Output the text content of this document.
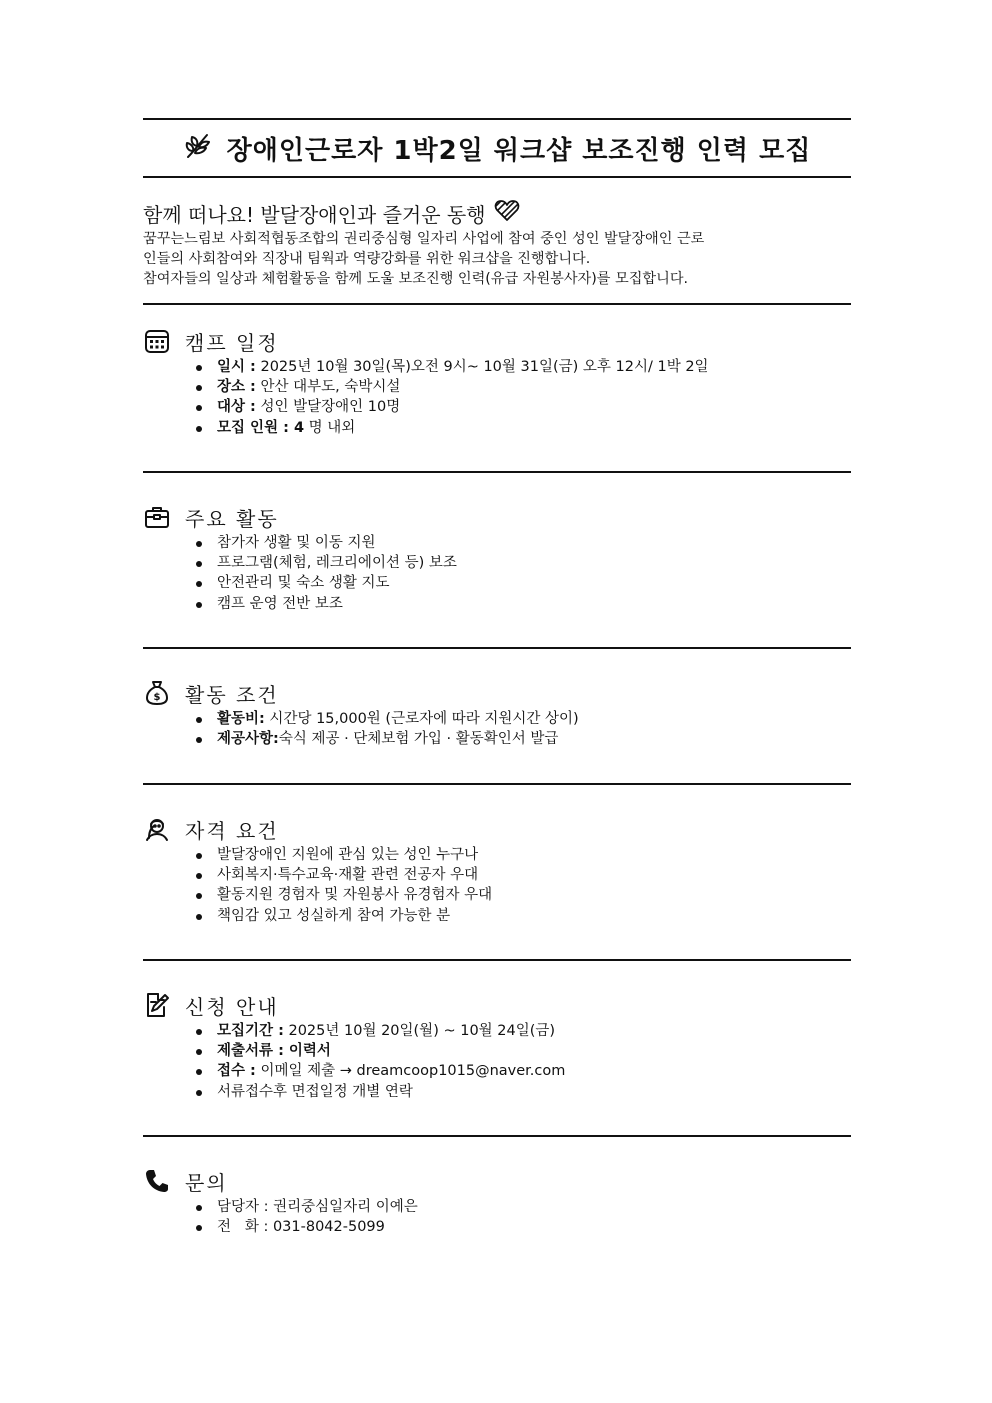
장애인근로자 1박2일 워크샵 보조진행 인력 모집
함께 떠나요! 발달장애인과 즐거운 동행
꿈꾸는느림보 사회적협동조합의 권리중심형 일자리 사업에 참여 중인 성인 발달장애인 근로
인들의 사회참여와 직장내 팀웍과 역량강화를 위한 워크샵을 진행합니다.
참여자들의 일상과 체험활동을 함께 도울 보조진행 인력(유급 자원봉사자)를 모집합니다.
캠프 일정
일시 : 2025년 10월 30일(목)오전 9시~ 10월 31일(금) 오후 12시/ 1박 2일
장소 : 안산 대부도, 숙박시설
대상 : 성인 발달장애인 10명
모집 인원 : 4 명 내외
주요 활동
참가자 생활 및 이동 지원
프로그램(체험, 레크리에이션 등) 보조
안전관리 및 숙소 생활 지도
캠프 운영 전반 보조
$ 활동 조건
활동비: 시간당 15,000원 (근로자에 따라 지원시간 상이)
제공사항:숙식 제공 · 단체보험 가입 · 활동확인서 발급
자격 요건
발달장애인 지원에 관심 있는 성인 누구나
사회복지·특수교육·재활 관련 전공자 우대
활동지원 경험자 및 자원봉사 유경험자 우대
책임감 있고 성실하게 참여 가능한 분
신청 안내
모집기간 : 2025년 10월 20일(월) ~ 10월 24일(금)
제출서류 : 이력서
접수 : 이메일 제출 → dreamcoop1015@naver.com
서류접수후 면접일정 개별 연락
문의
담당자 : 권리중심일자리 이예은
전   화 : 031-8042-5099
